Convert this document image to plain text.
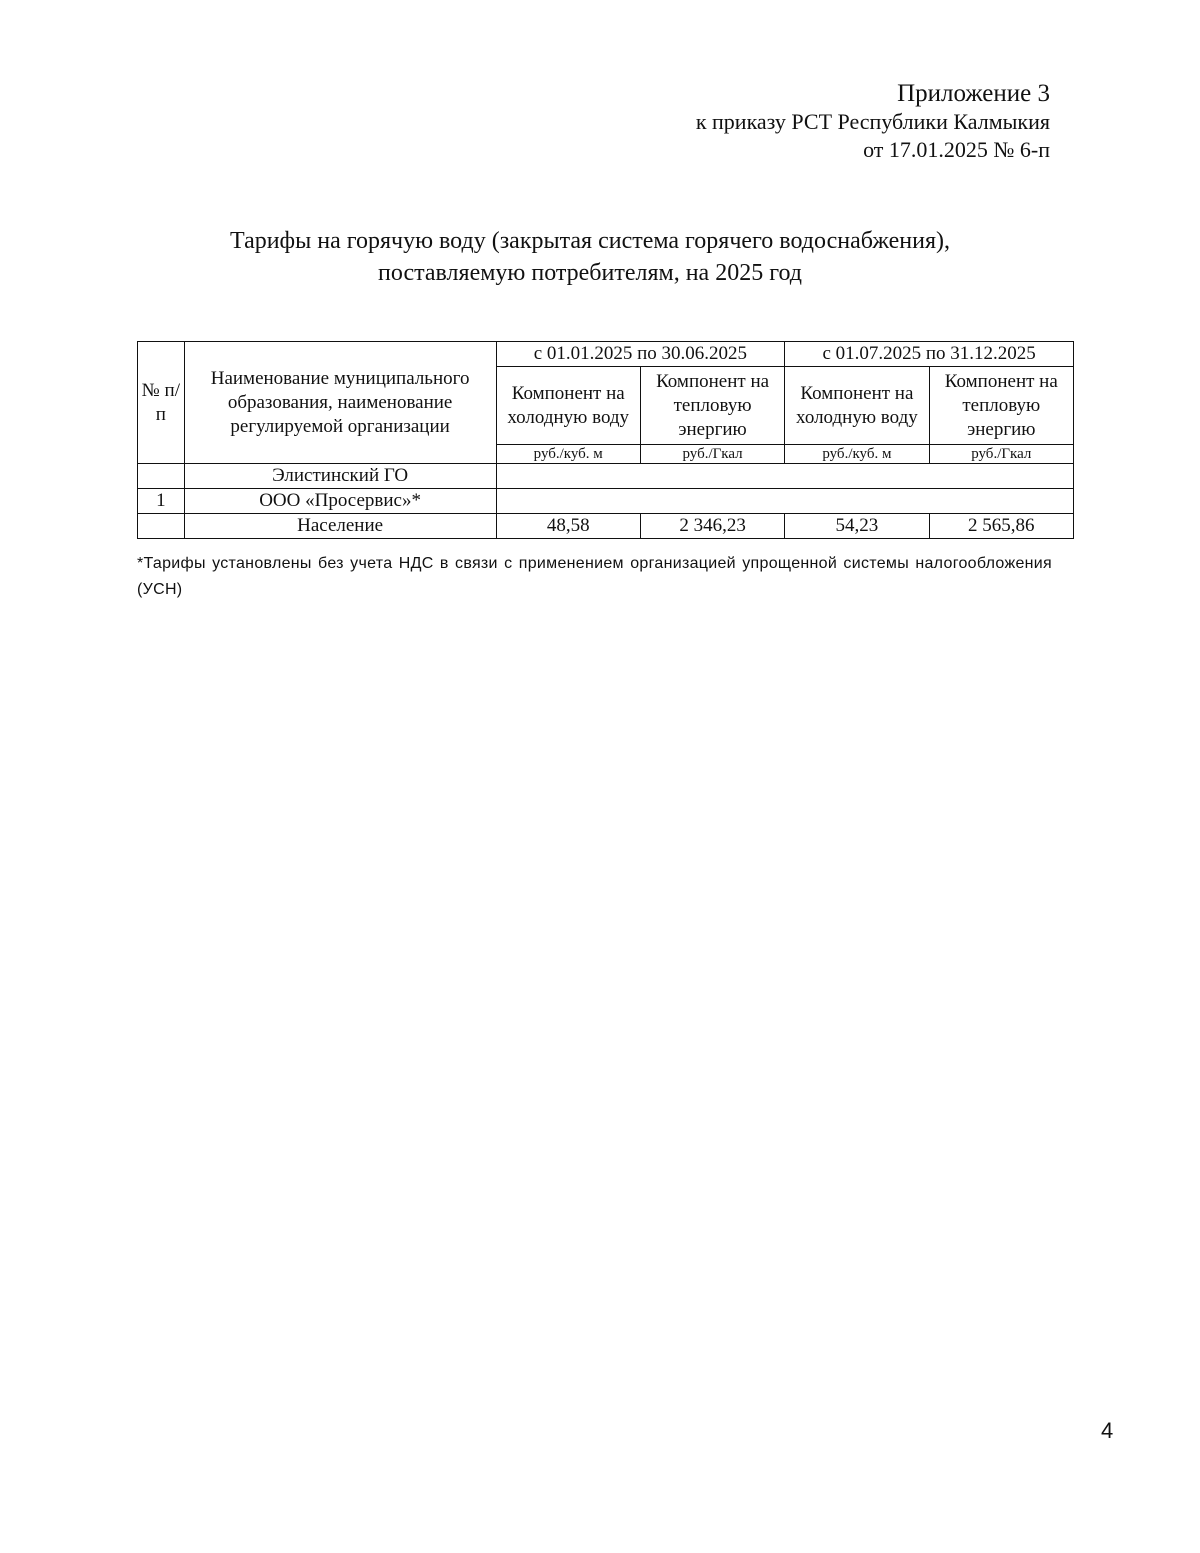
Приложение 3
к приказу РСТ Республики Калмыкия
от 17.01.2025 № 6-п
Тарифы на горячую воду (закрытая система горячего водоснабжения),
поставляемую потребителям, на 2025 год
№ п/п	Наименование муниципального образования, наименование регулируемой организации	с 01.01.2025 по 30.06.2025		с 01.07.2025 по 31.12.2025	
		Компонент на холодную воду	Компонент на тепловую энергию	Компонент на холодную воду	Компонент на тепловую энергию
		руб./куб. м	руб./Гкал	руб./куб. м	руб./Гкал
	Элистинский ГО				
1	ООО «Просервис»*				
	Население	48,58	2 346,23	54,23	2 565,86
*Тарифы установлены без учета НДС в связи с применением организацией упрощенной системы налогообложения (УСН)
4
